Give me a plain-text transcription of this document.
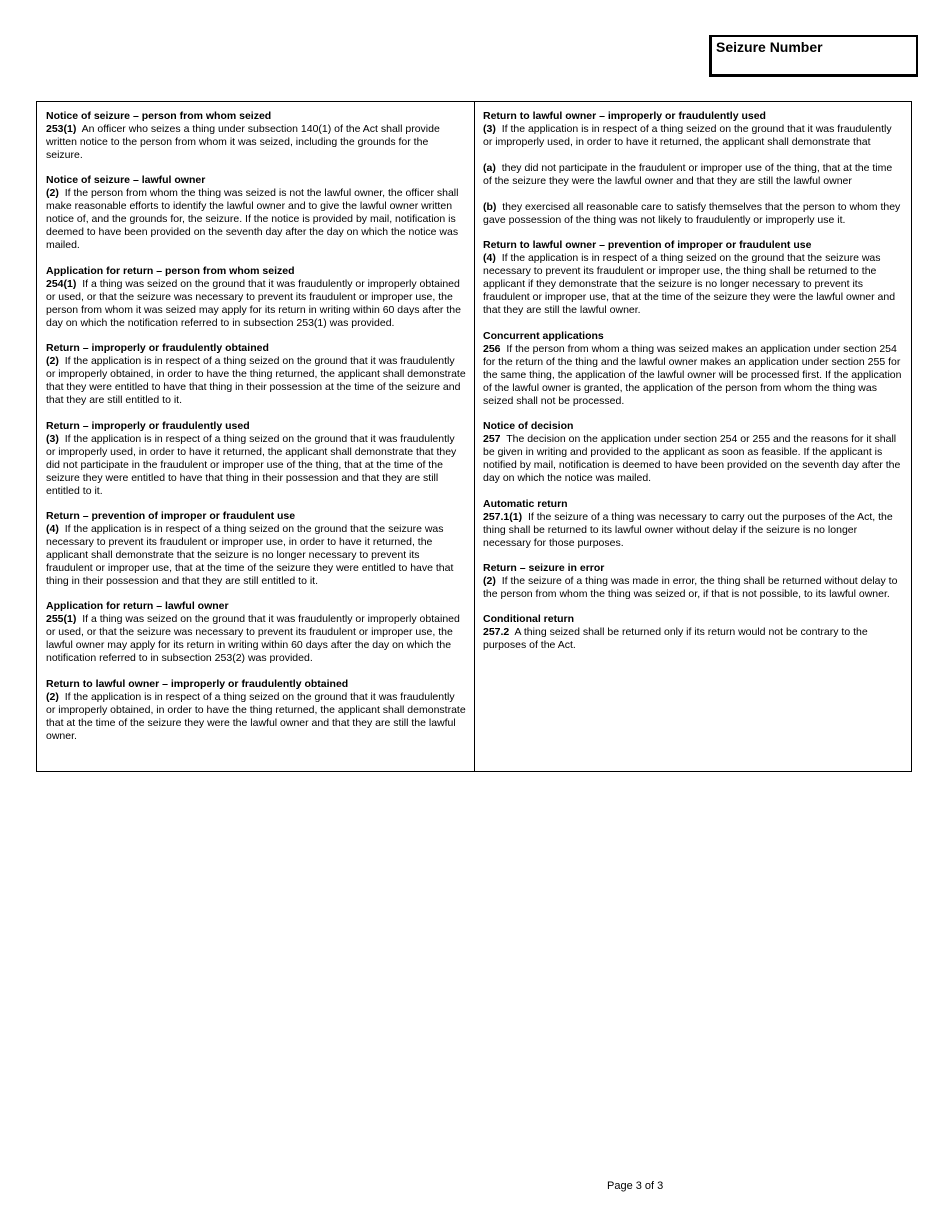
Seizure Number
Notice of seizure – person from whom seized
253(1) An officer who seizes a thing under subsection 140(1) of the Act shall provide written notice to the person from whom it was seized, including the grounds for the seizure.
Notice of seizure – lawful owner
(2) If the person from whom the thing was seized is not the lawful owner, the officer shall make reasonable efforts to identify the lawful owner and to give the lawful owner written notice of, and the grounds for, the seizure. If the notice is provided by mail, notification is deemed to have been provided on the seventh day after the day on which the notice was mailed.
Application for return – person from whom seized
254(1) If a thing was seized on the ground that it was fraudulently or improperly obtained or used, or that the seizure was necessary to prevent its fraudulent or improper use, the person from whom it was seized may apply for its return in writing within 60 days after the day on which the notification referred to in subsection 253(1) was provided.
Return – improperly or fraudulently obtained
(2) If the application is in respect of a thing seized on the ground that it was fraudulently or improperly obtained, in order to have the thing returned, the applicant shall demonstrate that they were entitled to have that thing in their possession at the time of the seizure and that they are still entitled to it.
Return – improperly or fraudulently used
(3) If the application is in respect of a thing seized on the ground that it was fraudulently or improperly used, in order to have it returned, the applicant shall demonstrate that they did not participate in the fraudulent or improper use of the thing, that at the time of the seizure they were entitled to have that thing in their possession and that they are still entitled to it.
Return – prevention of improper or fraudulent use
(4) If the application is in respect of a thing seized on the ground that the seizure was necessary to prevent its fraudulent or improper use, in order to have it returned, the applicant shall demonstrate that the seizure is no longer necessary to prevent its fraudulent or improper use, that at the time of the seizure they were entitled to have that thing in their possession and that they are still entitled to it.
Application for return – lawful owner
255(1) If a thing was seized on the ground that it was fraudulently or improperly obtained or used, or that the seizure was necessary to prevent its fraudulent or improper use, the lawful owner may apply for its return in writing within 60 days after the day on which the notification referred to in subsection 253(2) was provided.
Return to lawful owner – improperly or fraudulently obtained
(2) If the application is in respect of a thing seized on the ground that it was fraudulently or improperly obtained, in order to have the thing returned, the applicant shall demonstrate that at the time of the seizure they were the lawful owner and that they are still the lawful owner.
Return to lawful owner – improperly or fraudulently used
(3) If the application is in respect of a thing seized on the ground that it was fraudulently or improperly used, in order to have it returned, the applicant shall demonstrate that
(a) they did not participate in the fraudulent or improper use of the thing, that at the time of the seizure they were the lawful owner and that they are still the lawful owner
(b) they exercised all reasonable care to satisfy themselves that the person to whom they gave possession of the thing was not likely to fraudulently or improperly use it.
Return to lawful owner – prevention of improper or fraudulent use
(4) If the application is in respect of a thing seized on the ground that the seizure was necessary to prevent its fraudulent or improper use, the thing shall be returned to the applicant if they demonstrate that the seizure is no longer necessary to prevent its fraudulent or improper use, that at the time of the seizure they were the lawful owner and that they are still the lawful owner.
Concurrent applications
256 If the person from whom a thing was seized makes an application under section 254 for the return of the thing and the lawful owner makes an application under section 255 for the same thing, the application of the lawful owner will be processed first. If the application of the lawful owner is granted, the application of the person from whom the thing was seized shall not be processed.
Notice of decision
257 The decision on the application under section 254 or 255 and the reasons for it shall be given in writing and provided to the applicant as soon as feasible. If the applicant is notified by mail, notification is deemed to have been provided on the seventh day after the day on which the notice was mailed.
Automatic return
257.1(1) If the seizure of a thing was necessary to carry out the purposes of the Act, the thing shall be returned to its lawful owner without delay if the seizure is no longer necessary for those purposes.
Return – seizure in error
(2) If the seizure of a thing was made in error, the thing shall be returned without delay to the person from whom the thing was seized or, if that is not possible, to its lawful owner.
Conditional return
257.2 A thing seized shall be returned only if its return would not be contrary to the purposes of the Act.
Page 3 of 3
